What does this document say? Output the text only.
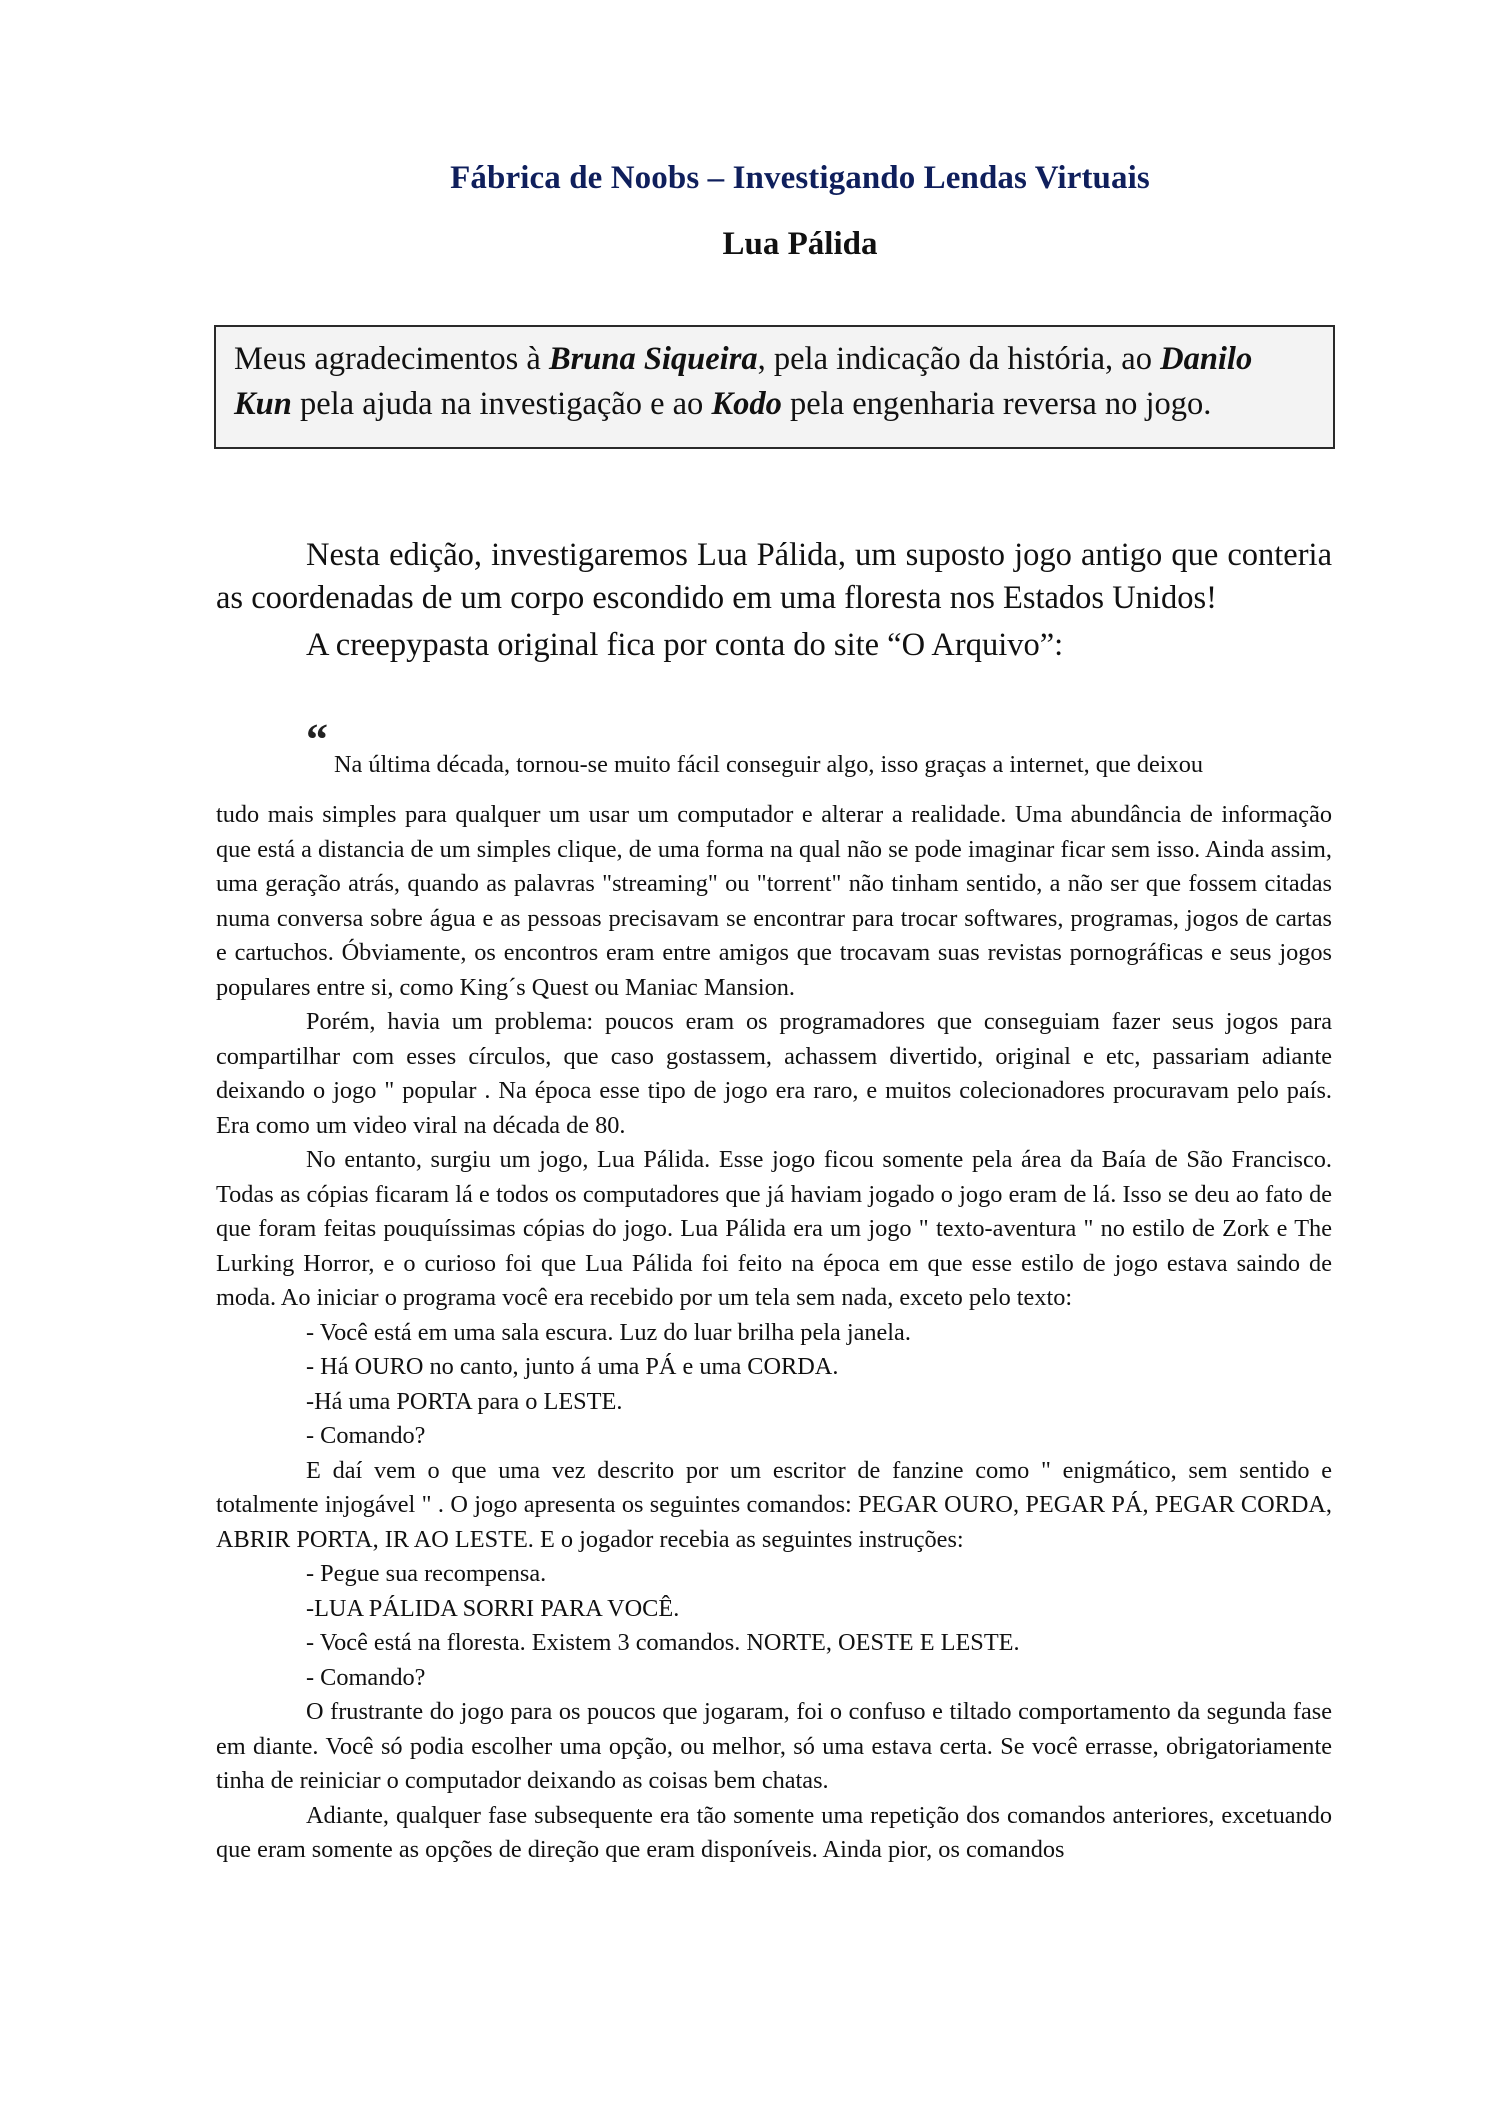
Fábrica de Noobs – Investigando Lendas Virtuais
Lua Pálida
Meus agradecimentos à Bruna Siqueira, pela indicação da história, ao Danilo
Kun pela ajuda na investigação e ao Kodo pela engenharia reversa no jogo.

Nesta edição, investigaremos Lua Pálida, um suposto jogo antigo que conteria as coordenadas de um corpo escondido em uma floresta nos Estados Unidos!

A creepypasta original fica por conta do site “O Arquivo”:

“
Na última década, tornou-se muito fácil conseguir algo, isso graças a internet, que deixou

tudo mais simples para qualquer um usar um computador e alterar a realidade. Uma abundância de informação que está a distancia de um simples clique, de uma forma na qual não se pode imaginar ficar sem isso. Ainda assim, uma geração atrás, quando as palavras "streaming" ou "torrent" não tinham sentido, a não ser que fossem citadas numa conversa sobre água e as pessoas precisavam se encontrar para trocar softwares, programas, jogos de cartas e cartuchos. Óbviamente, os encontros eram entre amigos que trocavam suas revistas pornográficas e seus jogos populares entre si, como King´s Quest ou Maniac Mansion.

Porém, havia um problema: poucos eram os programadores que conseguiam fazer seus jogos para compartilhar com esses círculos, que caso gostassem, achassem divertido, original e etc, passariam adiante deixando o jogo " popular . Na época esse tipo de jogo era raro, e muitos colecionadores procuravam pelo país. Era como um video viral na década de 80.

No entanto, surgiu um jogo, Lua Pálida. Esse jogo ficou somente pela área da Baía de São Francisco. Todas as cópias ficaram lá e todos os computadores que já haviam jogado o jogo eram de lá. Isso se deu ao fato de que foram feitas pouquíssimas cópias do jogo. Lua Pálida era um jogo " texto-aventura " no estilo de Zork e The Lurking Horror, e o curioso foi que Lua Pálida foi feito na época em que esse estilo de jogo estava saindo de moda. Ao iniciar o programa você era recebido por um tela sem nada, exceto pelo texto:

- Você está em uma sala escura. Luz do luar brilha pela janela.

- Há OURO no canto, junto á uma PÁ e uma CORDA.

-Há uma PORTA para o LESTE.

- Comando?

E daí vem o que uma vez descrito por um escritor de fanzine como " enigmático, sem sentido e totalmente injogável " . O jogo apresenta os seguintes comandos: PEGAR OURO, PEGAR PÁ, PEGAR CORDA, ABRIR PORTA, IR AO LESTE. E o jogador recebia as seguintes instruções:

- Pegue sua recompensa.

-LUA PÁLIDA SORRI PARA VOCÊ.

- Você está na floresta. Existem 3 comandos. NORTE, OESTE E LESTE.

- Comando?

O frustrante do jogo para os poucos que jogaram, foi o confuso e tiltado comportamento da segunda fase em diante. Você só podia escolher uma opção, ou melhor, só uma estava certa. Se você errasse, obrigatoriamente tinha de reiniciar o computador deixando as coisas bem chatas.

Adiante, qualquer fase subsequente era tão somente uma repetição dos comandos anteriores, excetuando que eram somente as opções de direção que eram disponíveis. Ainda pior, os comandos
